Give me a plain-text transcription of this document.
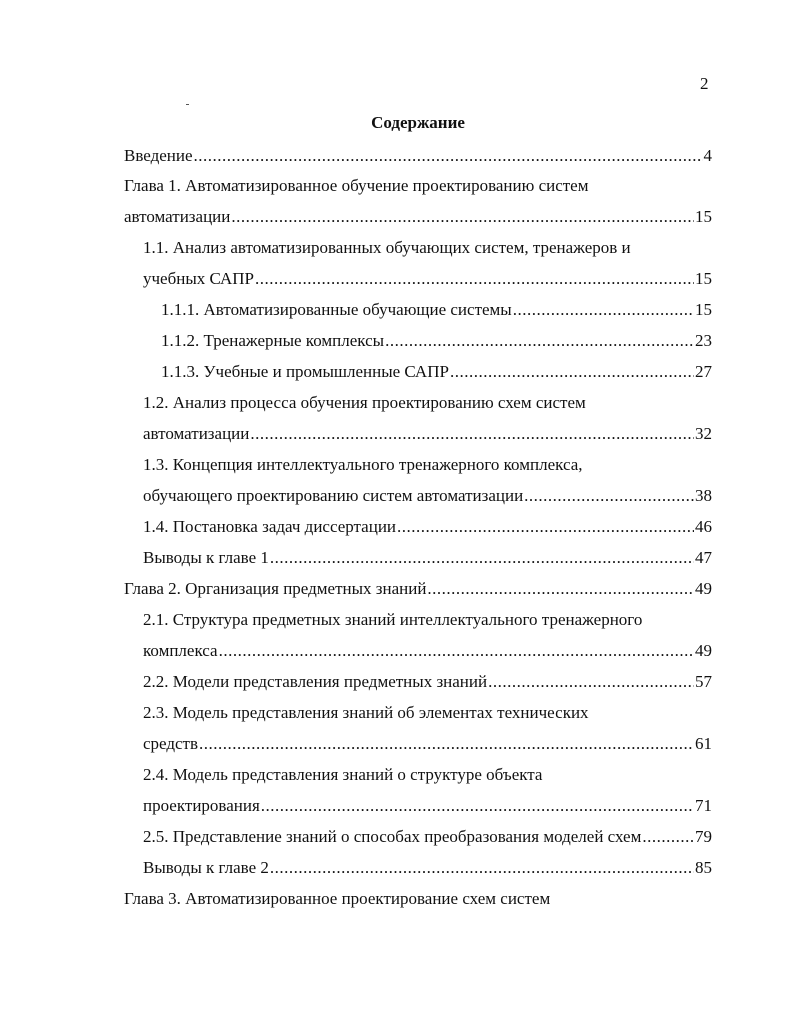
2
Содержание
Введение .....	4
Глава 1. Автоматизированное обучение проектированию систем
автоматизации .....	15
1.1. Анализ автоматизированных обучающих систем, тренажеров и
учебных САПР .....	15
1.1.1. Автоматизированные обучающие системы .....	15
1.1.2. Тренажерные комплексы .....	23
1.1.3. Учебные и промышленные САПР .....	27
1.2. Анализ процесса обучения проектированию схем систем
автоматизации .....	32
1.3. Концепция интеллектуального тренажерного комплекса,
обучающего проектированию систем автоматизации .....	38
1.4. Постановка задач диссертации .....	46
Выводы к главе 1 .....	47
Глава 2. Организация предметных знаний .....	49
2.1. Структура предметных знаний интеллектуального тренажерного
комплекса .....	49
2.2. Модели представления предметных знаний .....	57
2.3. Модель представления знаний об элементах технических
средств .....	61
2.4. Модель представления знаний о структуре объекта
проектирования .....	71
2.5. Представление знаний о способах преобразования моделей схем .....	79
Выводы к главе 2 .....	85
Глава 3. Автоматизированное проектирование схем систем
